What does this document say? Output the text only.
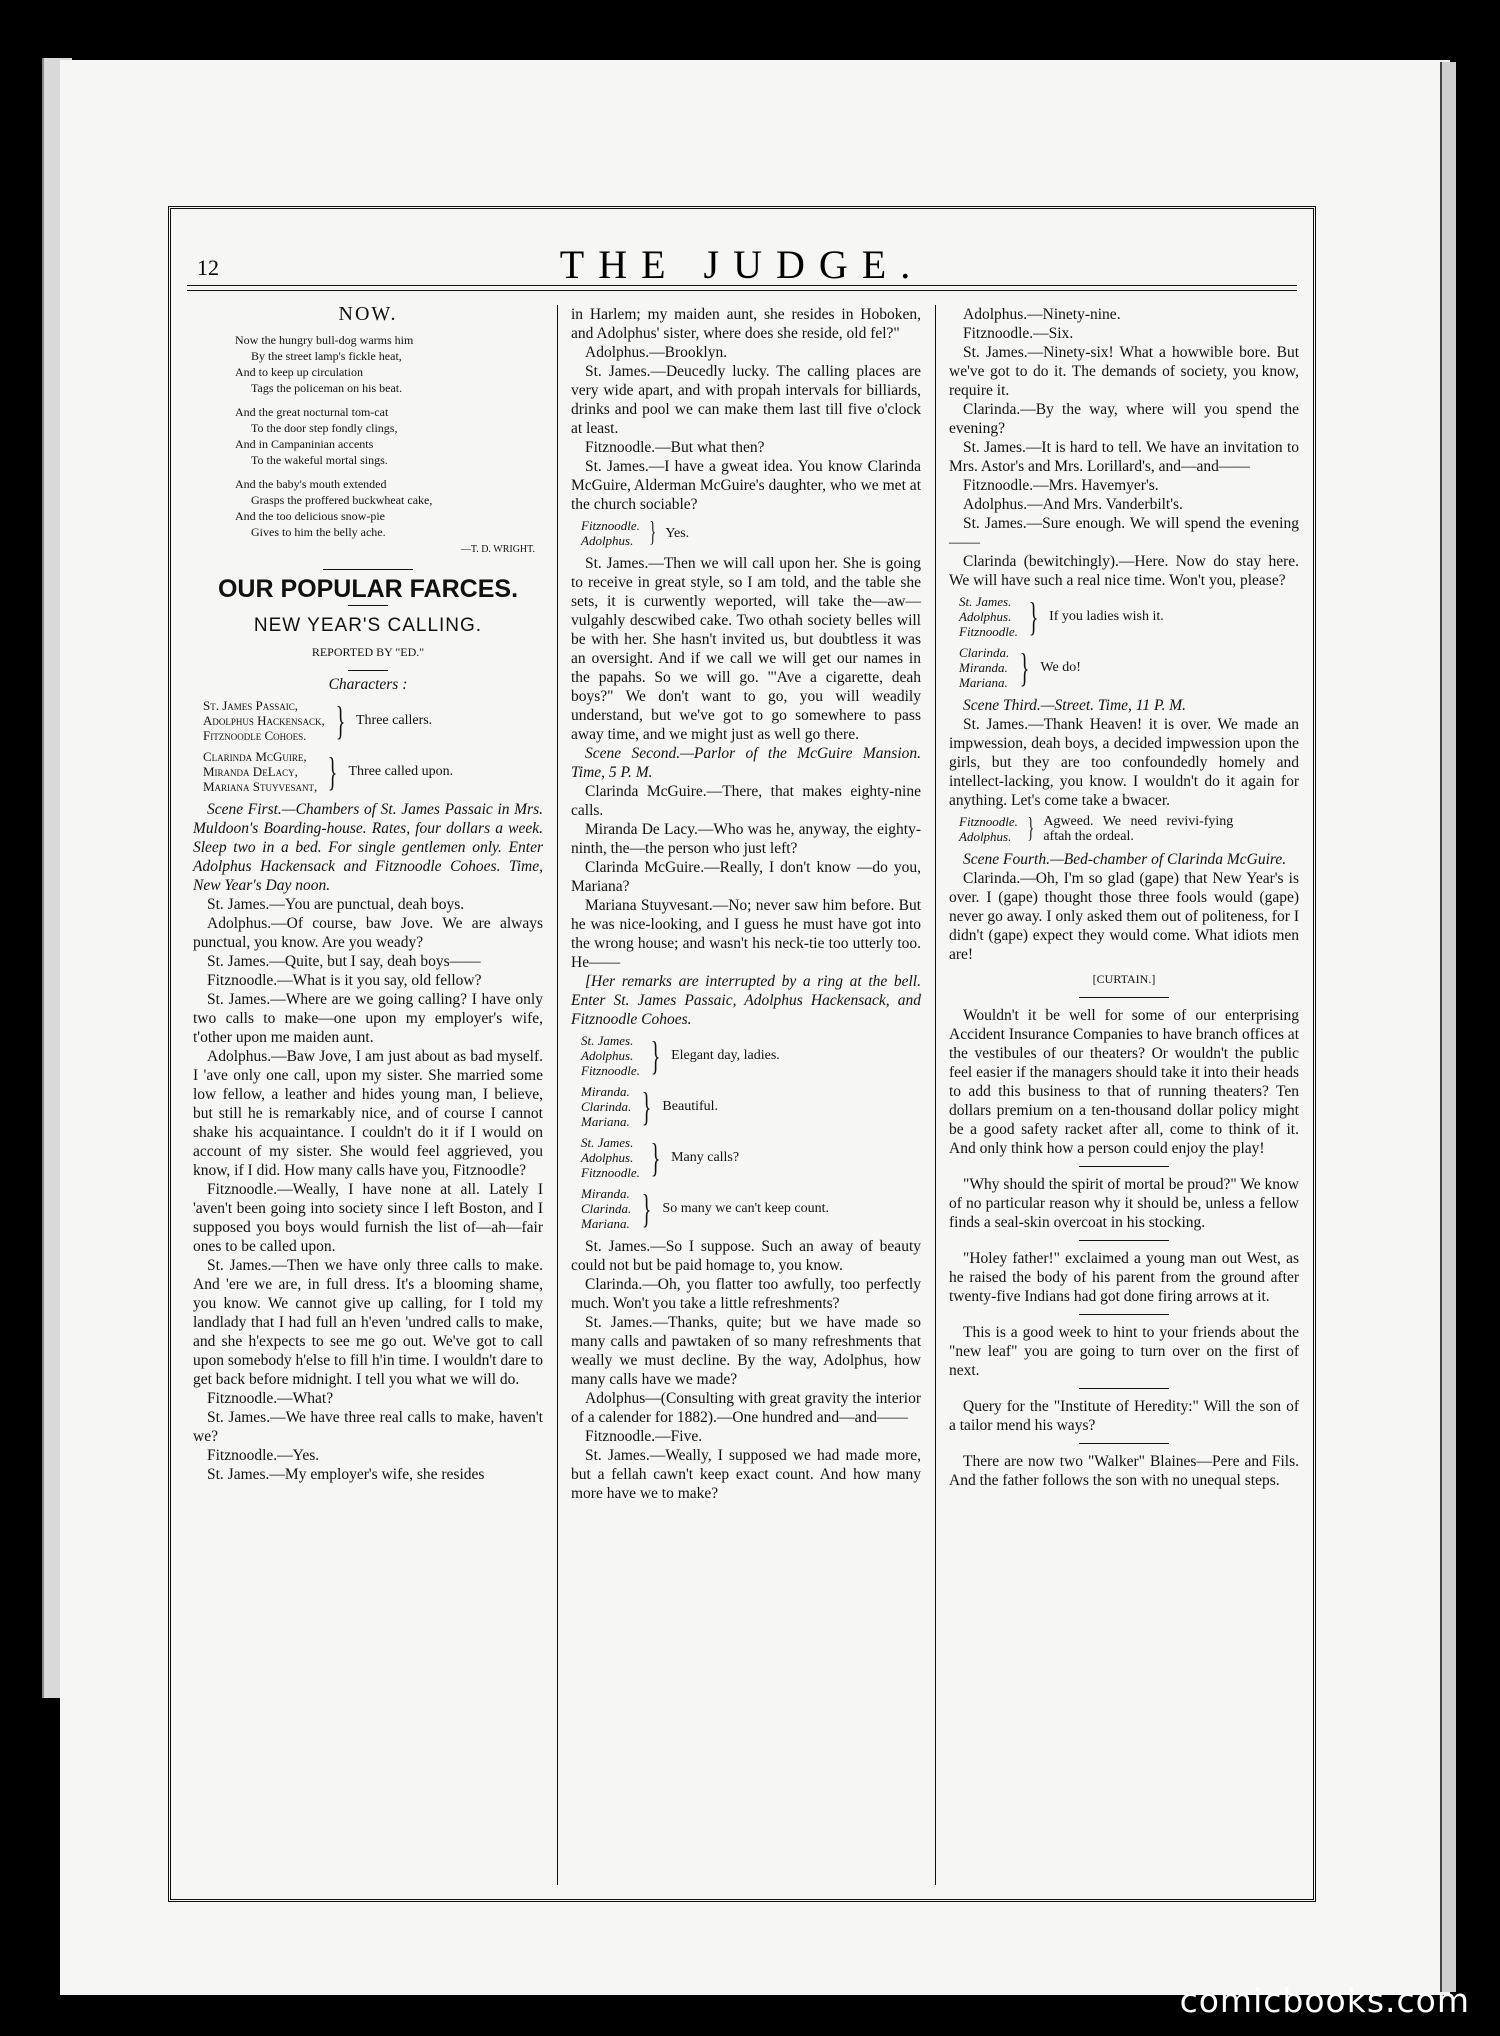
12	THE JUDGE.
NOW.
Now the hungry bull-dog warms him
By the street lamp's fickle heat,
And to keep up circulation
Tags the policeman on his beat.
And the great nocturnal tom-cat
To the door step fondly clings,
And in Campaninian accents
To the wakeful mortal sings.
And the baby's mouth extended
Grasps the proffered buckwheat cake,
And the too delicious snow-pie
Gives to him the belly ache.
—T. D. WRIGHT.
OUR POPULAR FARCES.
NEW YEAR'S CALLING.
REPORTED BY "ED."
Characters :
St. James Passaic,
Adolphus Hackensack,
Fitznoodle Cohoes. } Three callers.
Clarinda McGuire,
Miranda DeLacy,
Mariana Stuyvesant, } Three called upon.

Scene First.—Chambers of St. James Passaic in Mrs. Muldoon's Boarding-house. Rates, four dollars a week. Sleep two in a bed. For single gentlemen only. Enter Adolphus Hackensack and Fitznoodle Cohoes. Time, New Year's Day noon.

St. James.—You are punctual, deah boys.

Adolphus.—Of course, baw Jove. We are always punctual, you know. Are you weady?

St. James.—Quite, but I say, deah boys——

Fitznoodle.—What is it you say, old fellow?

St. James.—Where are we going calling? I have only two calls to make—one upon my employer's wife, t'other upon me maiden aunt.

Adolphus.—Baw Jove, I am just about as bad myself. I 'ave only one call, upon my sister. She married some low fellow, a leather and hides young man, I believe, but still he is remarkably nice, and of course I cannot shake his acquaintance. I couldn't do it if I would on account of my sister. She would feel aggrieved, you know, if I did. How many calls have you, Fitznoodle?

Fitznoodle.—Weally, I have none at all. Lately I 'aven't been going into society since I left Boston, and I supposed you boys would furnish the list of—ah—fair ones to be called upon.

St. James.—Then we have only three calls to make. And 'ere we are, in full dress. It's a blooming shame, you know. We cannot give up calling, for I told my landlady that I had full an h'even 'undred calls to make, and she h'expects to see me go out. We've got to call upon somebody h'else to fill h'in time. I wouldn't dare to get back before midnight. I tell you what we will do.

Fitznoodle.—What?

St. James.—We have three real calls to make, haven't we?

Fitznoodle.—Yes.

St. James.—My employer's wife, she resides

in Harlem; my maiden aunt, she resides in Hoboken, and Adolphus' sister, where does she reside, old fel?"

Adolphus.—Brooklyn.

St. James.—Deucedly lucky. The calling places are very wide apart, and with propah intervals for billiards, drinks and pool we can make them last till five o'clock at least.

Fitznoodle.—But what then?

St. James.—I have a gweat idea. You know Clarinda McGuire, Alderman McGuire's daughter, who we met at the church sociable?

Fitznoodle.
Adolphus. } Yes.

St. James.—Then we will call upon her. She is going to receive in great style, so I am told, and the table she sets, it is curwently weported, will take the—aw—vulgahly descwibed cake. Two othah society belles will be with her. She hasn't invited us, but doubtless it was an oversight. And if we call we will get our names in the papahs. So we will go. "'Ave a cigarette, deah boys?" We don't want to go, you will weadily understand, but we've got to go somewhere to pass away time, and we might just as well go there.

Scene Second.—Parlor of the McGuire Mansion. Time, 5 P. M.

Clarinda McGuire.—There, that makes eighty-nine calls.

Miranda De Lacy.—Who was he, anyway, the eighty-ninth, the—the person who just left?

Clarinda McGuire.—Really, I don't know —do you, Mariana?

Mariana Stuyvesant.—No; never saw him before. But he was nice-looking, and I guess he must have got into the wrong house; and wasn't his neck-tie too utterly too. He——

[Her remarks are interrupted by a ring at the bell. Enter St. James Passaic, Adolphus Hackensack, and Fitznoodle Cohoes.

St. James.
Adolphus.
Fitznoodle. } Elegant day, ladies.
Miranda.
Clarinda.
Mariana. } Beautiful.
St. James.
Adolphus.
Fitznoodle. } Many calls?
Miranda.
Clarinda.
Mariana. } So many we can't keep count.

St. James.—So I suppose. Such an away of beauty could not but be paid homage to, you know.

Clarinda.—Oh, you flatter too awfully, too perfectly much. Won't you take a little refreshments?

St. James.—Thanks, quite; but we have made so many calls and pawtaken of so many refreshments that weally we must decline. By the way, Adolphus, how many calls have we made?

Adolphus—(Consulting with great gravity the interior of a calender for 1882).—One hundred and—and——

Fitznoodle.—Five.

St. James.—Weally, I supposed we had made more, but a fellah cawn't keep exact count. And how many more have we to make?

Adolphus.—Ninety-nine.

Fitznoodle.—Six.

St. James.—Ninety-six! What a howwible bore. But we've got to do it. The demands of society, you know, require it.

Clarinda.—By the way, where will you spend the evening?

St. James.—It is hard to tell. We have an invitation to Mrs. Astor's and Mrs. Lorillard's, and—and——

Fitznoodle.—Mrs. Havemyer's.

Adolphus.—And Mrs. Vanderbilt's.

St. James.—Sure enough. We will spend the evening——

Clarinda (bewitchingly).—Here. Now do stay here. We will have such a real nice time. Won't you, please?

St. James.
Adolphus.
Fitznoodle. } If you ladies wish it.
Clarinda.
Miranda.
Mariana. } We do!

Scene Third.—Street. Time, 11 P. M.

St. James.—Thank Heaven! it is over. We made an impwession, deah boys, a decided impwession upon the girls, but they are too confoundedly homely and intellect-lacking, you know. I wouldn't do it again for anything. Let's come take a bwacer.

Fitznoodle.
Adolphus. } Agweed. We need revivi-fying aftah the ordeal.

Scene Fourth.—Bed-chamber of Clarinda McGuire.

Clarinda.—Oh, I'm so glad (gape) that New Year's is over. I (gape) thought those three fools would (gape) never go away. I only asked them out of politeness, for I didn't (gape) expect they would come. What idiots men are!

[CURTAIN.]

Wouldn't it be well for some of our enterprising Accident Insurance Companies to have branch offices at the vestibules of our theaters? Or wouldn't the public feel easier if the managers should take it into their heads to add this business to that of running theaters? Ten dollars premium on a ten-thousand dollar policy might be a good safety racket after all, come to think of it. And only think how a person could enjoy the play!

"Why should the spirit of mortal be proud?" We know of no particular reason why it should be, unless a fellow finds a seal-skin overcoat in his stocking.

"Holey father!" exclaimed a young man out West, as he raised the body of his parent from the ground after twenty-five Indians had got done firing arrows at it.

This is a good week to hint to your friends about the "new leaf" you are going to turn over on the first of next.

Query for the "Institute of Heredity:" Will the son of a tailor mend his ways?

There are now two "Walker" Blaines—Pere and Fils. And the father follows the son with no unequal steps.

comicbooks.com
